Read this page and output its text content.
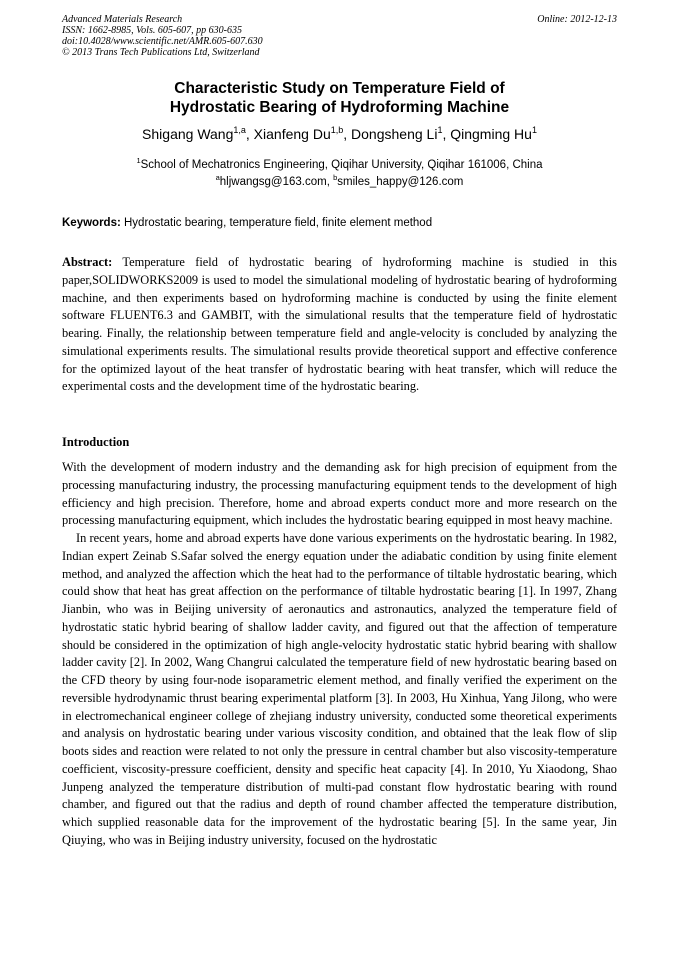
Advanced Materials Research
ISSN: 1662-8985, Vols. 605-607, pp 630-635
doi:10.4028/www.scientific.net/AMR.605-607.630
© 2013 Trans Tech Publications Ltd, Switzerland
Online: 2012-12-13
Characteristic Study on Temperature Field of
Hydrostatic Bearing of Hydroforming Machine
Shigang Wang$^{1,a}$, Xianfeng Du$^{1,b}$, Dongsheng Li$^1$, Qingming Hu$^1$
$^1$School of Mechatronics Engineering, Qiqihar University, Qiqihar 161006, China
$^a$hljwangsg@163.com, $^b$smiles_happy@126.com
Keywords: Hydrostatic bearing, temperature field, finite element method
Abstract: Temperature field of hydrostatic bearing of hydroforming machine is studied in this paper,SOLIDWORKS2009 is used to model the simulational modeling of hydrostatic bearing of hydroforming machine, and then experiments based on hydroforming machine is conducted by using the finite element software FLUENT6.3 and GAMBIT, with the simulational results that the temperature field of hydrostatic bearing. Finally, the relationship between temperature field and angle-velocity is concluded by analyzing the simulational experiments results. The simulational results provide theoretical support and effective conference for the optimized layout of the heat transfer of hydrostatic bearing with heat transfer, which will reduce the experimental costs and the development time of the hydrostatic bearing.
Introduction

With the development of modern industry and the demanding ask for high precision of equipment from the processing manufacturing industry, the processing manufacturing equipment tends to the development of high efficiency and high precision. Therefore, home and abroad experts conduct more and more research on the processing manufacturing equipment, which includes the hydrostatic bearing equipped in most heavy machine.

In recent years, home and abroad experts have done various experiments on the hydrostatic bearing. In 1982, Indian expert Zeinab S.Safar solved the energy equation under the adiabatic condition by using finite element method, and analyzed the affection which the heat had to the performance of tiltable hydrostatic bearing, which could show that heat has great affection on the performance of tiltable hydrostatic bearing [1]. In 1997, Zhang Jianbin, who was in Beijing university of aeronautics and astronautics, analyzed the temperature field of hydrostatic static hybrid bearing of shallow ladder cavity, and figured out that the affection of temperature should be considered in the optimization of high angle-velocity hydrostatic static hybrid bearing with shallow ladder cavity [2]. In 2002, Wang Changrui calculated the temperature field of new hydrostatic bearing based on the CFD theory by using four-node isoparametric element method, and finally verified the experiment on the reversible hydrodynamic thrust bearing experimental platform [3]. In 2003, Hu Xinhua, Yang Jilong, who were in electromechanical engineer college of zhejiang industry university, conducted some theoretical experiments and analysis on hydrostatic bearing under various viscosity condition, and obtained that the leak flow of slip boots sides and reaction were related to not only the pressure in central chamber but also viscosity-temperature coefficient, viscosity-pressure coefficient, density and specific heat capacity [4]. In 2010, Yu Xiaodong, Shao Junpeng analyzed the temperature distribution of multi-pad constant flow hydrostatic bearing with round chamber, and figured out that the radius and depth of round chamber affected the temperature distribution, which supplied reasonable data for the improvement of the hydrostatic bearing [5]. In the same year, Jin Qiuying, who was in Beijing industry university, focused on the hydrostatic
